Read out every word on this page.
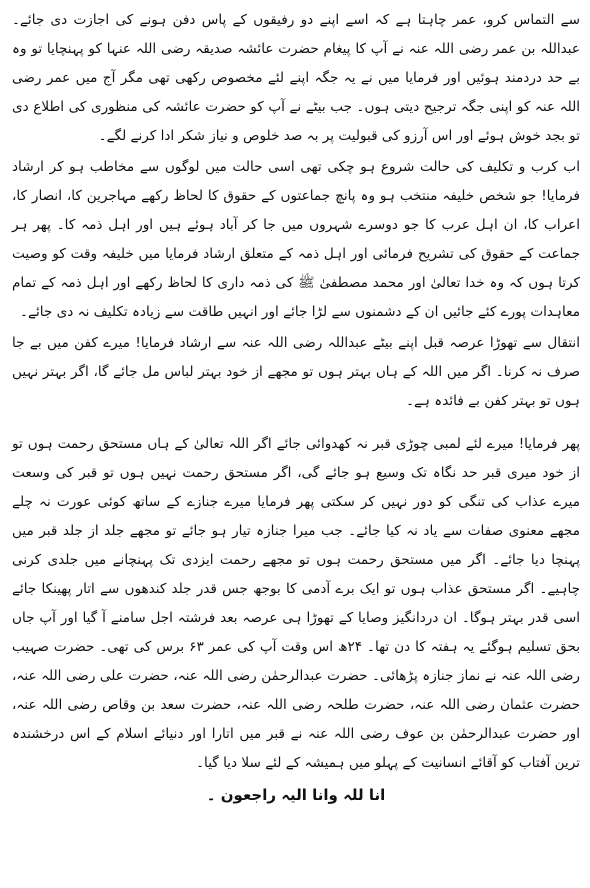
سے التماس کرو، عمر چاہتا ہے کہ اسے اپنے دو رفیقوں کے پاس دفن ہونے کی اجازت دی جائے۔ عبداللہ بن عمر رضی اللہ عنہ نے آپ کا پیغام حضرت عائشہ صدیقہ رضی اللہ عنہا کو پہنچایا تو وہ بے حد دردمند ہوئیں اور فرمایا میں نے یہ جگہ اپنے لئے مخصوص رکھی تھی مگر آج میں عمر رضی اللہ عنہ کو اپنی جگہ ترجیح دیتی ہوں۔ جب بیٹے نے آپ کو حضرت عائشہ کی منظوری کی اطلاع دی تو بجد خوش ہوئے اور اس آرزو کی قبولیت پر بہ صد خلوص و نیاز شکر ادا کرنے لگے۔

اب کرب و تکلیف کی حالت شروع ہو چکی تھی اسی حالت میں لوگوں سے مخاطب ہو کر ارشاد فرمایا! جو شخص خلیفہ منتخب ہو وہ پانچ جماعتوں کے حقوق کا لحاظ رکھے مہاجرین کا، انصار کا، اعراب کا، ان اہل عرب کا جو دوسرے شہروں میں جا کر آباد ہوئے ہیں اور اہل ذمہ کا۔ پھر ہر جماعت کے حقوق کی تشریح فرمائی اور اہل ذمہ کے متعلق ارشاد فرمایا میں خلیفہ وقت کو وصیت کرتا ہوں کہ وہ خدا تعالیٰ اور محمد مصطفیٰ ﷺ کی ذمہ داری کا لحاظ رکھے اور اہل ذمہ کے تمام معاہدات پورے کئے جائیں ان کے دشمنوں سے لڑا جائے اور انہیں طاقت سے زیادہ تکلیف نہ دی جائے۔

انتقال سے تھوڑا عرصہ قبل اپنے بیٹے عبداللہ رضی اللہ عنہ سے ارشاد فرمایا! میرے کفن میں بے جا صرف نہ کرنا۔ اگر میں اللہ کے ہاں بہتر ہوں تو مجھے از خود بہتر لباس مل جائے گا، اگر بہتر نہیں ہوں تو بہتر کفن بے فائدہ ہے۔

پھر فرمایا! میرے لئے لمبی چوڑی قبر نہ کھدوائی جائے اگر اللہ تعالیٰ کے ہاں مستحق رحمت ہوں تو از خود میری قبر حد نگاہ تک وسیع ہو جائے گی، اگر مستحق رحمت نہیں ہوں تو قبر کی وسعت میرے عذاب کی تنگی کو دور نہیں کر سکتی پھر فرمایا میرے جنازے کے ساتھ کوئی عورت نہ چلے مجھے معنوی صفات سے یاد نہ کیا جائے۔ جب میرا جنازہ تیار ہو جائے تو مجھے جلد از جلد قبر میں پہنچا دیا جائے۔ اگر میں مستحق رحمت ہوں تو مجھے رحمت ایزدی تک پہنچانے میں جلدی کرنی چاہیے۔ اگر مستحق عذاب ہوں تو ایک برے آدمی کا بوجھ جس قدر جلد کندھوں سے اتار پھینکا جائے اسی قدر بہتر ہوگا۔ ان دردانگیز وصایا کے تھوڑا ہی عرصہ بعد فرشتہ اجل سامنے آ گیا اور آپ جاں بحق تسلیم ہوگئے یہ ہفتہ کا دن تھا۔ ۲۴ھ اس وقت آپ کی عمر ۶۳ برس کی تھی۔ حضرت صہیب رضی اللہ عنہ نے نماز جنازہ پڑھائی۔ حضرت عبدالرحمٰن رضی اللہ عنہ، حضرت علی رضی اللہ عنہ، حضرت عثمان رضی اللہ عنہ، حضرت طلحہ رضی اللہ عنہ، حضرت سعد بن وقاص رضی اللہ عنہ، اور حضرت عبدالرحمٰن بن عوف رضی اللہ عنہ نے قبر میں اتارا اور دنیائے اسلام کے اس درخشندہ ترین آفتاب کو آقائے انسانیت کے پہلو میں ہمیشہ کے لئے سلا دیا گیا۔

انا للہ وانا الیہ راجعون ۔
